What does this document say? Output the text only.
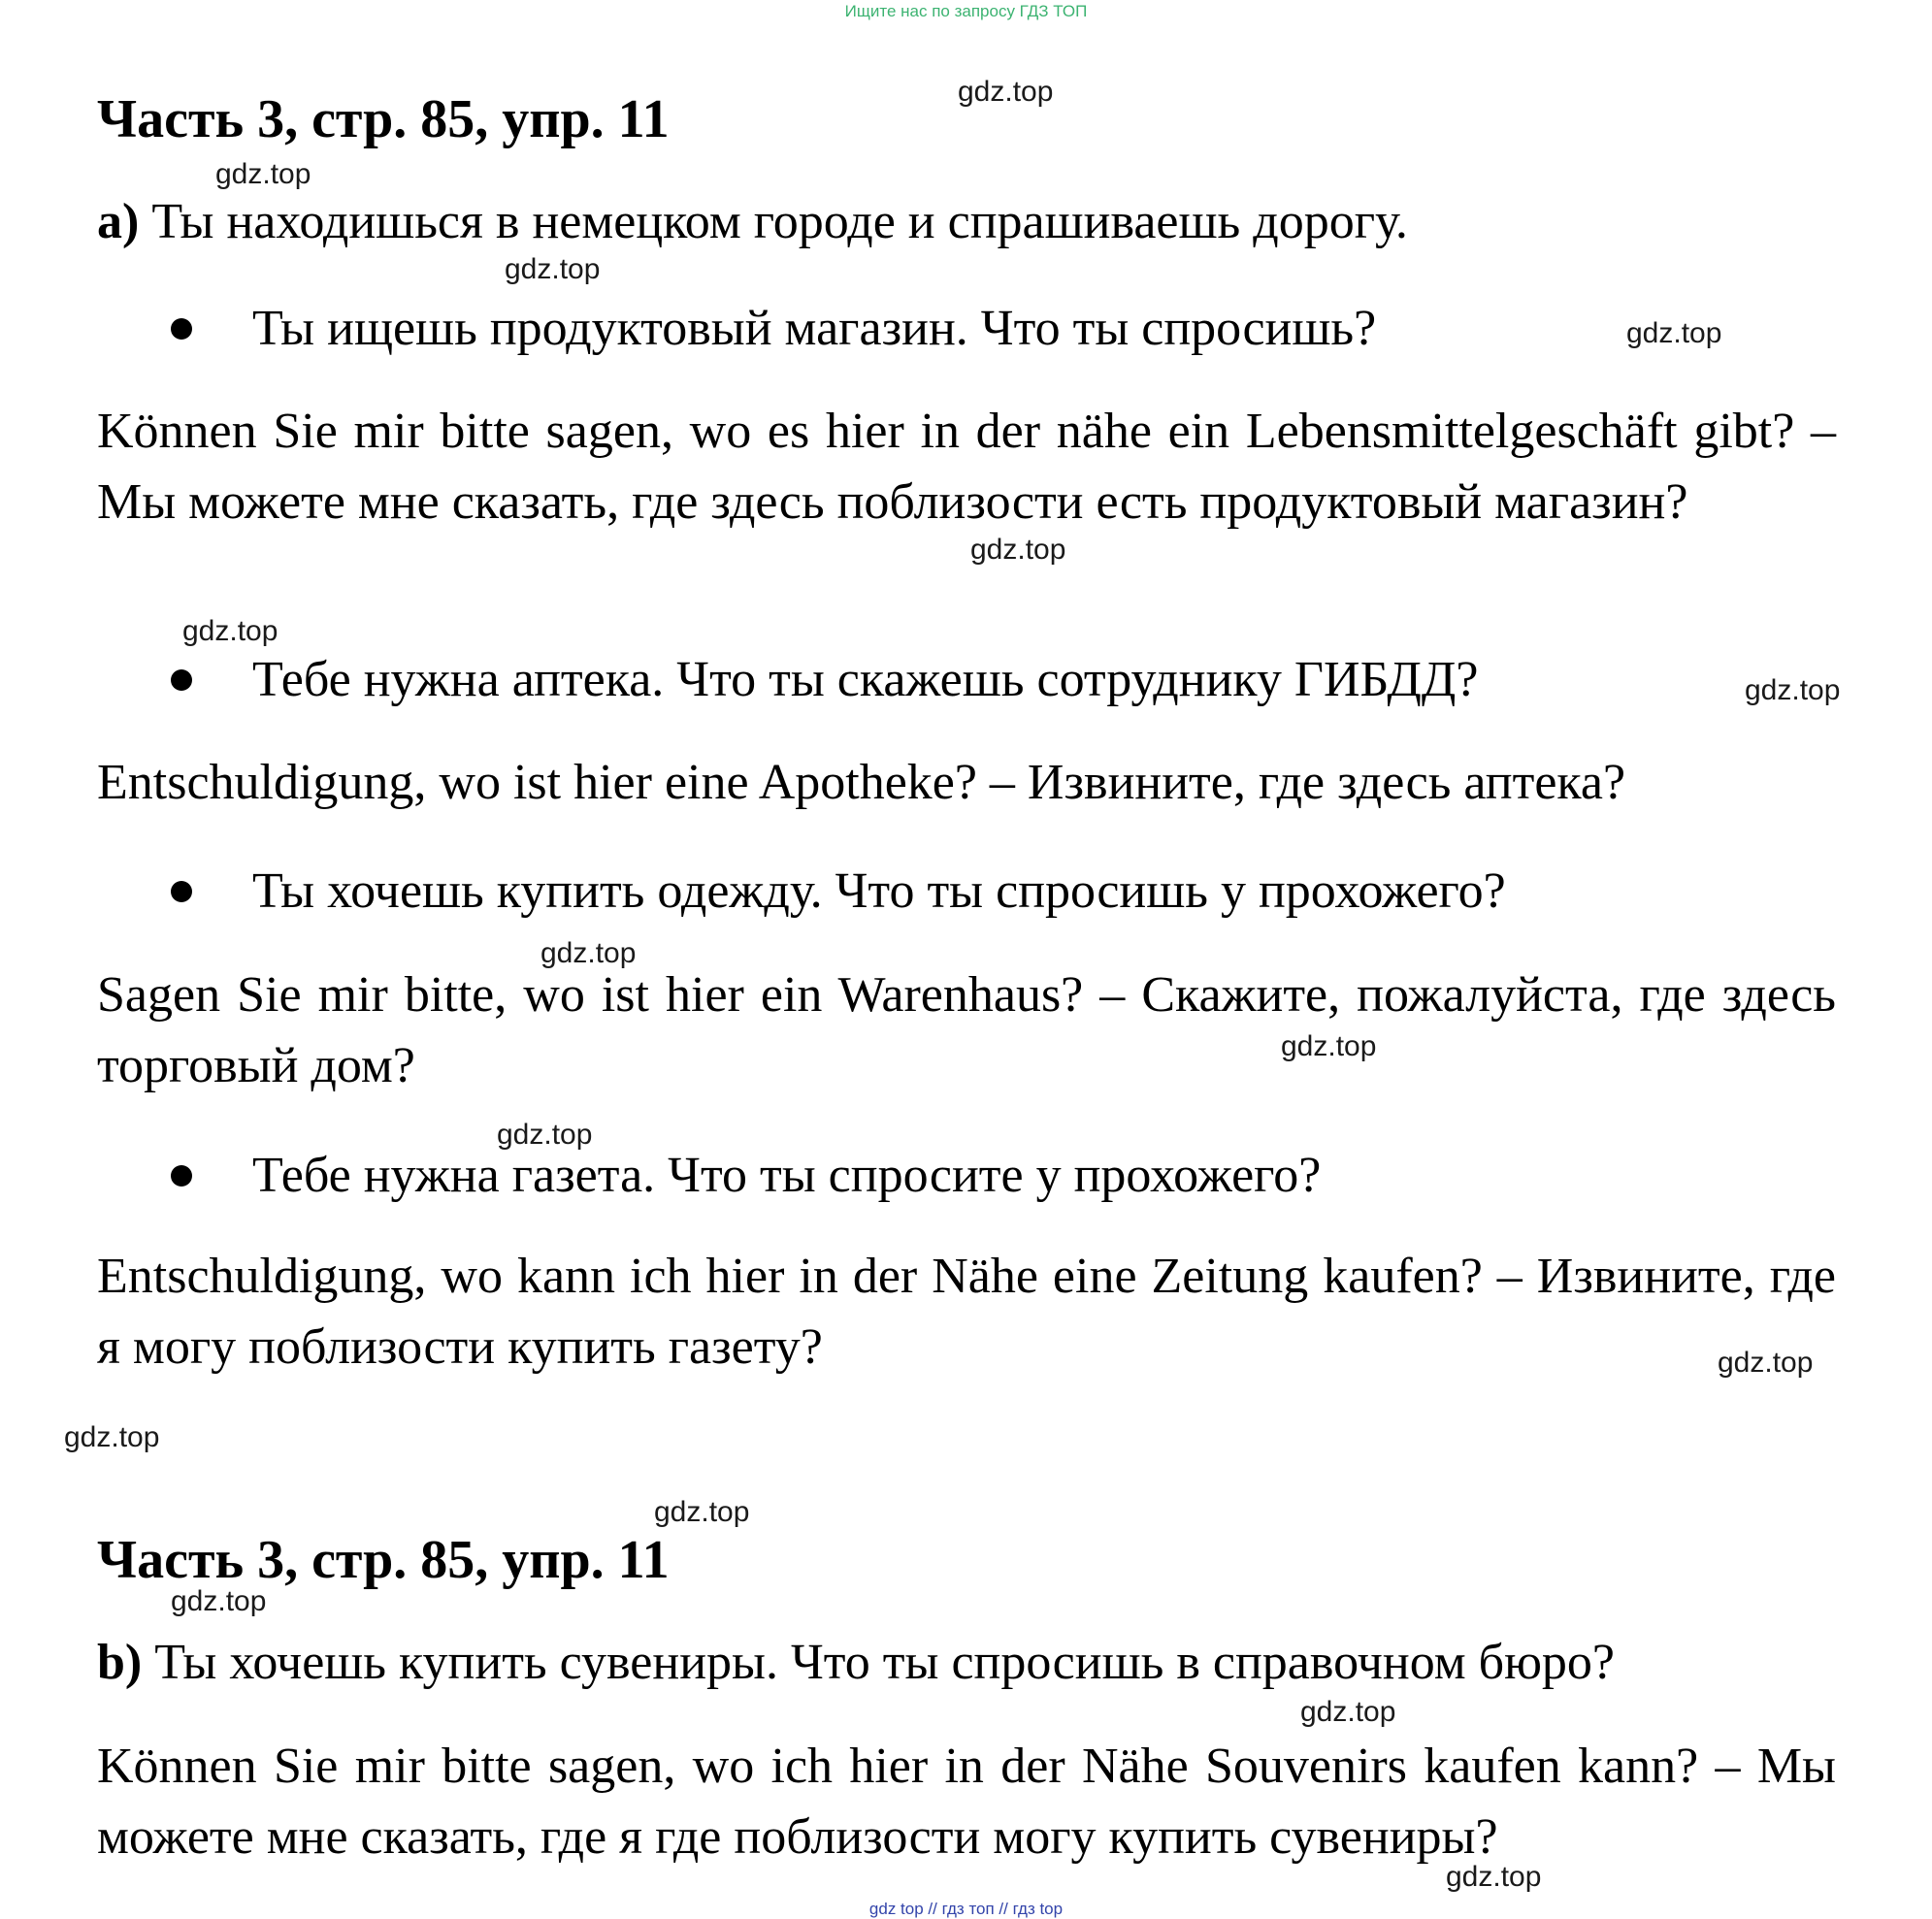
Ищите нас по запросу ГДЗ ТОП
Часть 3, стр. 85, упр. 11
a) Ты находишься в немецком городе и спрашиваешь дорогу.
Ты ищешь продуктовый магазин. Что ты спросишь?
Können Sie mir bitte sagen, wo es hier in der nähe ein Lebensmittelgeschäft gibt? – Мы можете мне сказать, где здесь поблизости есть продуктовый магазин?
Тебе нужна аптека. Что ты скажешь сотруднику ГИБДД?
Entschuldigung, wo ist hier eine Apotheke? – Извините, где здесь аптека?
Ты хочешь купить одежду. Что ты спросишь у прохожего?
Sagen Sie mir bitte, wo ist hier ein Warenhaus? – Скажите, пожалуйста, где здесь торговый дом?
Тебе нужна газета. Что ты спросите у прохожего?
Entschuldigung, wo kann ich hier in der Nähe eine Zeitung kaufen? – Извините, где я могу поблизости купить газету?
Часть 3, стр. 85, упр. 11
b) Ты хочешь купить сувениры. Что ты спросишь в справочном бюро?
Können Sie mir bitte sagen, wo ich hier in der Nähe Souvenirs kaufen kann? – Мы можете мне сказать, где я где поблизости могу купить сувениры?
gdz.top
gdz.top
gdz.top
gdz.top
gdz.top
gdz.top
gdz.top
gdz.top
gdz.top
gdz.top
gdz.top
gdz.top
gdz.top
gdz.top
gdz.top
gdz.top
gdz top // гдз топ // гдз top
